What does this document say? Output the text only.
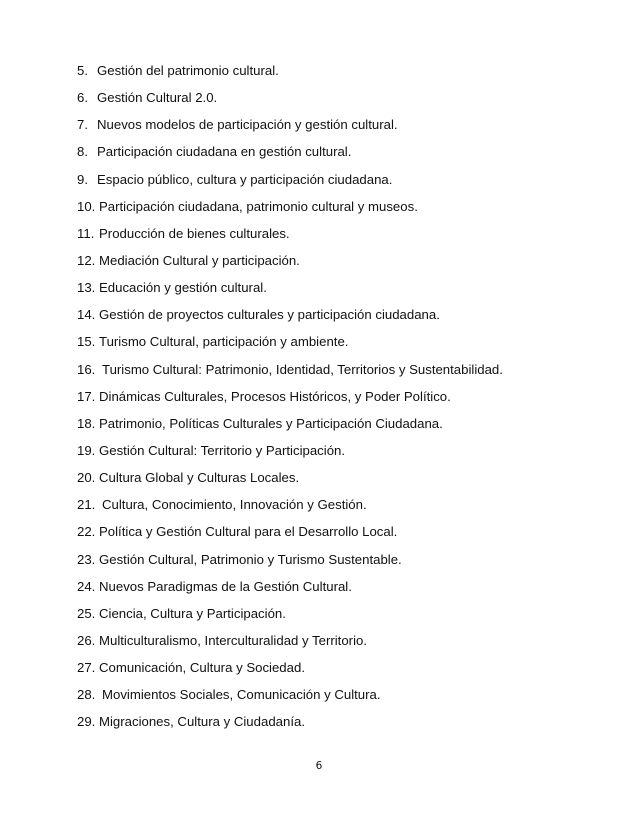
5. Gestión del patrimonio cultural.
6. Gestión Cultural 2.0.
7. Nuevos modelos de participación y gestión cultural.
8. Participación ciudadana en gestión cultural.
9. Espacio público, cultura y participación ciudadana.
10. Participación ciudadana, patrimonio cultural y museos.
11. Producción de bienes culturales.
12. Mediación Cultural y participación.
13. Educación y gestión cultural.
14. Gestión de proyectos culturales y participación ciudadana.
15. Turismo Cultural, participación y ambiente.
16. Turismo Cultural: Patrimonio, Identidad, Territorios y Sustentabilidad.
17. Dinámicas Culturales, Procesos Históricos, y Poder Político.
18. Patrimonio, Políticas Culturales y Participación Ciudadana.
19. Gestión Cultural: Territorio y Participación.
20. Cultura Global y Culturas Locales.
21. Cultura, Conocimiento, Innovación y Gestión.
22. Política y Gestión Cultural para el Desarrollo Local.
23. Gestión Cultural, Patrimonio y Turismo Sustentable.
24. Nuevos Paradigmas de la Gestión Cultural.
25. Ciencia, Cultura y Participación.
26. Multiculturalismo, Interculturalidad y Territorio.
27. Comunicación, Cultura y Sociedad.
28. Movimientos Sociales, Comunicación y Cultura.
29. Migraciones, Cultura y Ciudadanía.
6
